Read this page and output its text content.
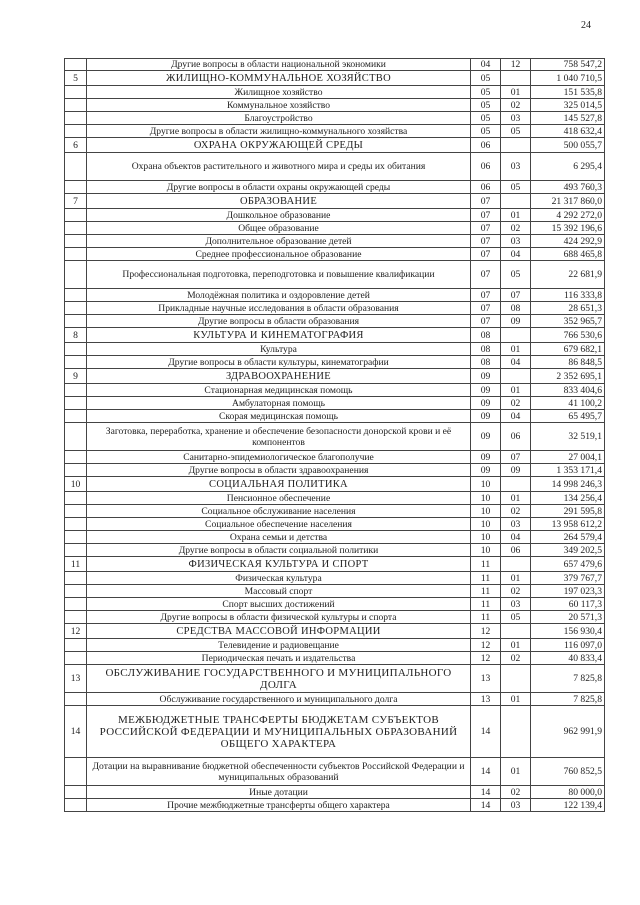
24
	Другие вопросы в области национальной экономики	04	12	758 547,2
5	ЖИЛИЩНО-КОММУНАЛЬНОЕ ХОЗЯЙСТВО	05		1 040 710,5
	Жилищное хозяйство	05	01	151 535,8
	Коммунальное хозяйство	05	02	325 014,5
	Благоустройство	05	03	145 527,8
	Другие вопросы в области жилищно-коммунального хозяйства	05	05	418 632,4
6	ОХРАНА ОКРУЖАЮЩЕЙ СРЕДЫ	06		500 055,7
	Охрана объектов растительного и животного мира и среды их обитания	06	03	6 295,4
	Другие вопросы в области охраны окружающей среды	06	05	493 760,3
7	ОБРАЗОВАНИЕ	07		21 317 860,0
	Дошкольное образование	07	01	4 292 272,0
	Общее образование	07	02	15 392 196,6
	Дополнительное образование детей	07	03	424 292,9
	Среднее профессиональное образование	07	04	688 465,8
	Профессиональная подготовка, переподготовка и повышение квалификации	07	05	22 681,9
	Молодёжная политика и оздоровление детей	07	07	116 333,8
	Прикладные научные исследования в области образования	07	08	28 651,3
	Другие вопросы в области образования	07	09	352 965,7
8	КУЛЬТУРА И КИНЕМАТОГРАФИЯ	08		766 530,6
	Культура	08	01	679 682,1
	Другие вопросы в области культуры, кинематографии	08	04	86 848,5
9	ЗДРАВООХРАНЕНИЕ	09		2 352 695,1
	Стационарная медицинская помощь	09	01	833 404,6
	Амбулаторная помощь	09	02	41 100,2
	Скорая медицинская помощь	09	04	65 495,7
	Заготовка, переработка, хранение и обеспечение безопасности донорской крови и её компонентов	09	06	32 519,1
	Санитарно-эпидемиологическое благополучие	09	07	27 004,1
	Другие вопросы в области здравоохранения	09	09	1 353 171,4
10	СОЦИАЛЬНАЯ ПОЛИТИКА	10		14 998 246,3
	Пенсионное обеспечение	10	01	134 256,4
	Социальное обслуживание населения	10	02	291 595,8
	Социальное обеспечение населения	10	03	13 958 612,2
	Охрана семьи и детства	10	04	264 579,4
	Другие вопросы в области социальной политики	10	06	349 202,5
11	ФИЗИЧЕСКАЯ КУЛЬТУРА И СПОРТ	11		657 479,6
	Физическая культура	11	01	379 767,7
	Массовый спорт	11	02	197 023,3
	Спорт высших достижений	11	03	60 117,3
	Другие вопросы в области физической культуры и спорта	11	05	20 571,3
12	СРЕДСТВА МАССОВОЙ ИНФОРМАЦИИ	12		156 930,4
	Телевидение и радиовещание	12	01	116 097,0
	Периодическая печать и издательства	12	02	40 833,4
13	ОБСЛУЖИВАНИЕ ГОСУДАРСТВЕННОГО И МУНИЦИПАЛЬНОГО ДОЛГА	13		7 825,8
	Обслуживание государственного и муниципального долга	13	01	7 825,8
14	МЕЖБЮДЖЕТНЫЕ ТРАНСФЕРТЫ БЮДЖЕТАМ СУБЪЕКТОВ РОССИЙСКОЙ ФЕДЕРАЦИИ И МУНИЦИПАЛЬНЫХ ОБРАЗОВАНИЙ ОБЩЕГО ХАРАКТЕРА	14		962 991,9
	Дотации на выравнивание бюджетной обеспеченности субъектов Российской Федерации и муниципальных образований	14	01	760 852,5
	Иные дотации	14	02	80 000,0
	Прочие межбюджетные трансферты общего характера	14	03	122 139,4
